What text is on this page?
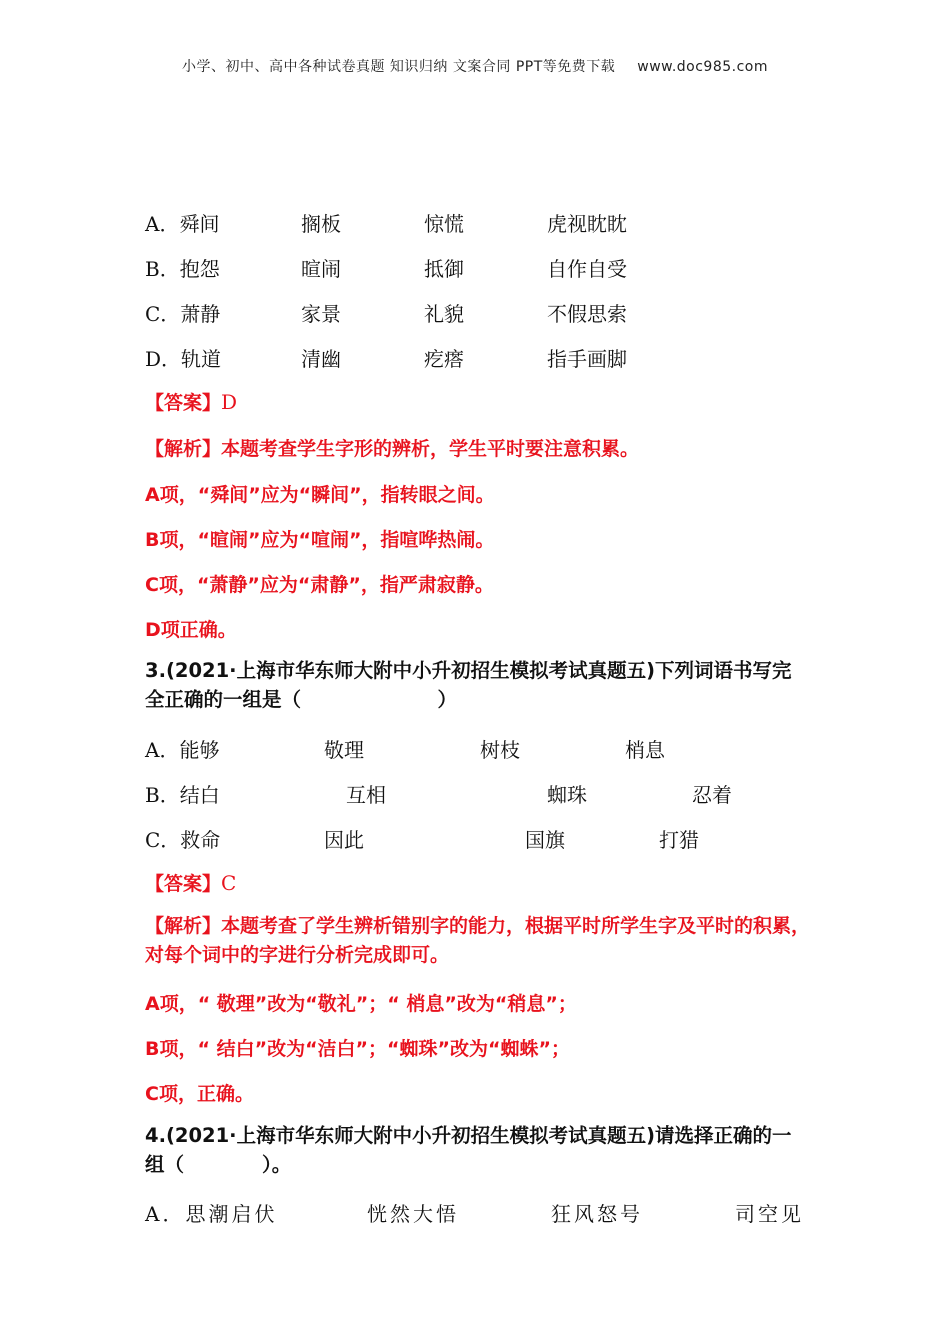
小学、初中、高中各种试卷真题 知识归纳 文案合同 PPT等免费下载 www.doc985.com
A．舜间	搁板	惊慌	虎视眈眈
B．抱怨	暄闹	抵御	自作自受
C．萧静	家景	礼貌	不假思索
D．轨道	清幽	疙瘩	指手画脚
【答案】D
【解析】本题考查学生字形的辨析，学生平时要注意积累。
A项，“舜间”应为“瞬间”，指转眼之间。
B项，“暄闹”应为“喧闹”，指喧哗热闹。
C项，“萧静”应为“肃静”，指严肃寂静。
D项正确。
3.(2021·上海市华东师大附中小升初招生模拟考试真题五)下列词语书写完全正确的一组是（　　　　　　　）
A．能够	敬理	树枝	梢息
B．结白	互相	蜘珠	忍着
C．救命	因此	国旗	打猎
【答案】C
【解析】本题考查了学生辨析错别字的能力，根据平时所学生字及平时的积累，对每个词中的字进行分析完成即可。
A项，“ 敬理”改为“敬礼”；“ 梢息”改为“稍息”；
B项，“ 结白”改为“洁白”；“蜘珠”改为“蜘蛛”；
C项，正确。
4.(2021·上海市华东师大附中小升初招生模拟考试真题五)请选择正确的一组（　　　　）。
A．思潮启伏	恍然大悟	狂风怒号	司空见
